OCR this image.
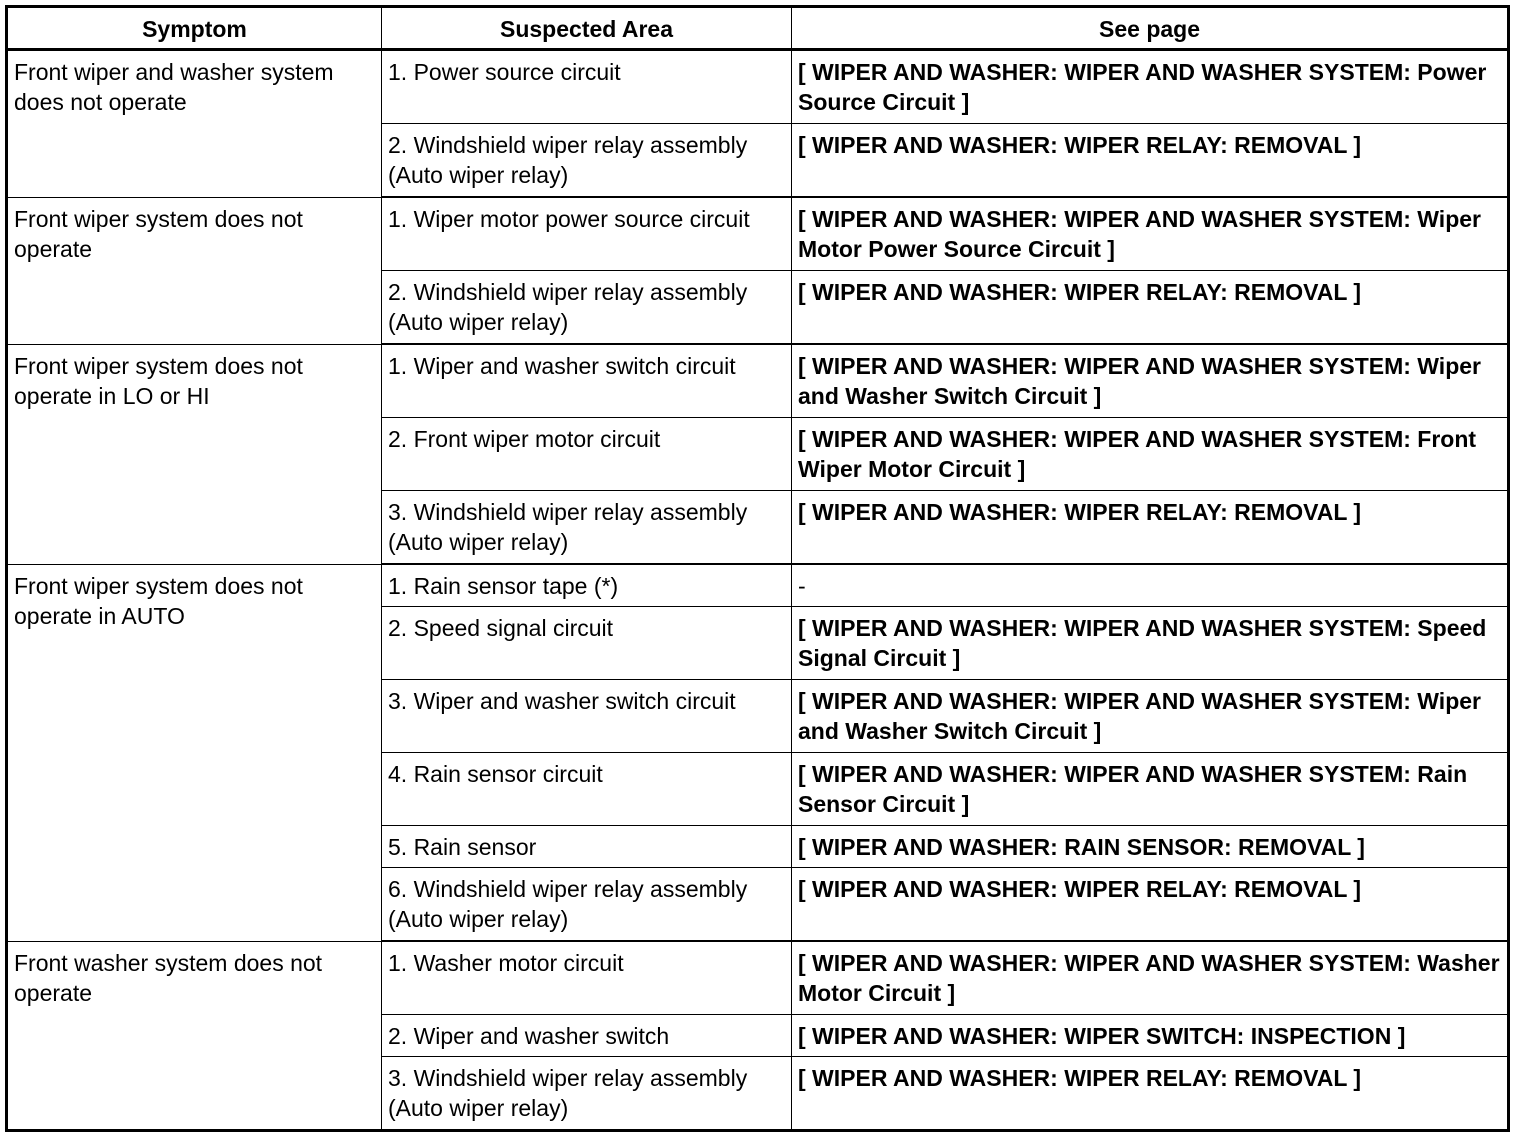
Symptom	Suspected Area	See page
Front wiper and washer system does not operate	1. Power source circuit	[ WIPER AND WASHER: WIPER AND WASHER SYSTEM: Power Source Circuit ]
	2. Windshield wiper relay assembly (Auto wiper relay)	[ WIPER AND WASHER: WIPER RELAY: REMOVAL ]
Front wiper system does not operate	1. Wiper motor power source circuit	[ WIPER AND WASHER: WIPER AND WASHER SYSTEM: Wiper Motor Power Source Circuit ]
	2. Windshield wiper relay assembly (Auto wiper relay)	[ WIPER AND WASHER: WIPER RELAY: REMOVAL ]
Front wiper system does not operate in LO or HI	1. Wiper and washer switch circuit	[ WIPER AND WASHER: WIPER AND WASHER SYSTEM: Wiper and Washer Switch Circuit ]
	2. Front wiper motor circuit	[ WIPER AND WASHER: WIPER AND WASHER SYSTEM: Front Wiper Motor Circuit ]
	3. Windshield wiper relay assembly (Auto wiper relay)	[ WIPER AND WASHER: WIPER RELAY: REMOVAL ]
Front wiper system does not operate in AUTO	1. Rain sensor tape (*)	-
	2. Speed signal circuit	[ WIPER AND WASHER: WIPER AND WASHER SYSTEM: Speed Signal Circuit ]
	3. Wiper and washer switch circuit	[ WIPER AND WASHER: WIPER AND WASHER SYSTEM: Wiper and Washer Switch Circuit ]
	4. Rain sensor circuit	[ WIPER AND WASHER: WIPER AND WASHER SYSTEM: Rain Sensor Circuit ]
	5. Rain sensor	[ WIPER AND WASHER: RAIN SENSOR: REMOVAL ]
	6. Windshield wiper relay assembly (Auto wiper relay)	[ WIPER AND WASHER: WIPER RELAY: REMOVAL ]
Front washer system does not operate	1. Washer motor circuit	[ WIPER AND WASHER: WIPER AND WASHER SYSTEM: Washer Motor Circuit ]
	2. Wiper and washer switch	[ WIPER AND WASHER: WIPER SWITCH: INSPECTION ]
	3. Windshield wiper relay assembly (Auto wiper relay)	[ WIPER AND WASHER: WIPER RELAY: REMOVAL ]
